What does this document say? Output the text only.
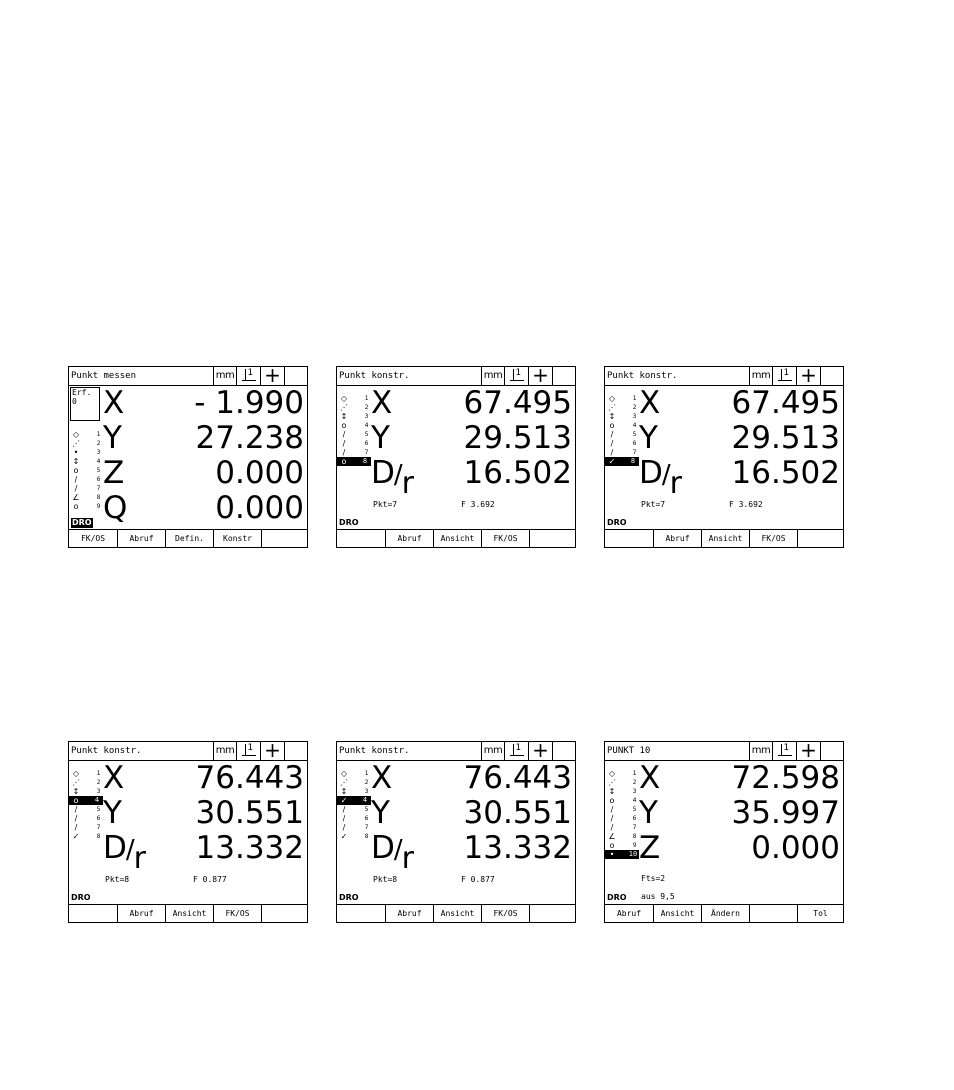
Punkt messen	mm 1 +
Erf.
0
◇	1
⋰	2
•	3
↕	4
o	5
/	6
/	7
∠	8
o	9
DRO
X - 1.990
Y 27.238
Z	0.000
Q	0.000
FK/OS	Abruf	Defin.	Konstr
Punkt konstr.	mm 1 +
◇	1
⋰	2
↕	3
o	4
/	5
/	6
/	7
o	8
DRO
X 67.495
Y 29.513
D/r 16.502
Pkt=7	F 3.692
Abruf	Ansicht	FK/OS
Punkt konstr.	mm 1 +
◇	1
⋰	2
↕	3
o	4
/	5
/	6
/	7
✓	8
DRO
X 67.495
Y 29.513
D/r 16.502
Pkt=7	F 3.692
Abruf	Ansicht	FK/OS
Punkt konstr.	mm 1 +
◇	1
⋰	2
↕	3
o	4
/	5
/	6
/	7
✓	8
DRO
X 76.443
Y 30.551
D/r 13.332
Pkt=8	F 0.877
Abruf	Ansicht	FK/OS
Punkt konstr.	mm 1 +
◇	1
⋰	2
↕	3
✓	4
/	5
/	6
/	7
✓	8
DRO
X 76.443
Y 30.551
D/r 13.332
Pkt=8	F 0.877
Abruf	Ansicht	FK/OS
PUNKT 10	mm 1 +
◇	1
⋰	2
↕	3
o	4
/	5
/	6
/	7
∠	8
o	9
•	10
DRO
X 72.598
Y 35.997
Z	0.000
Fts=2
aus 9,5
Abruf	Ansicht	Ändern	Tol
